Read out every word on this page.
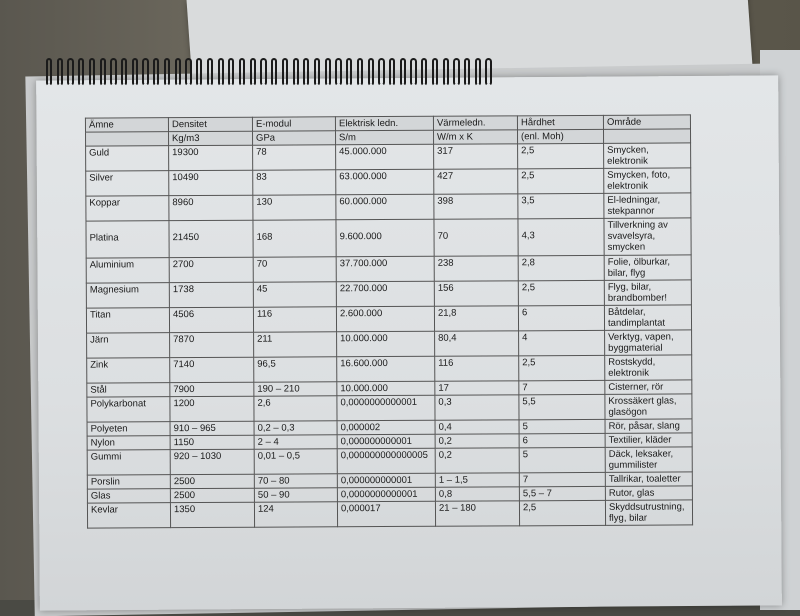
Ämne	Densitet	E-modul	Elektrisk ledn.	Värmeledn.	Hårdhet	Område
	Kg/m3	GPa	S/m	W/m x K	(enl. Moh)	

Guld	19300	78	45.000.000	317	2,5	Smycken, elektronik

Silver	10490	83	63.000.000	427	2,5	Smycken, foto, elektronik

Koppar	8960	130	60.000.000	398	3,5	El-ledningar, stekpannor

Platina	21450	168	9.600.000	70	4,3	Tillverkning av svavelsyra, smycken

Aluminium	2700	70	37.700.000	238	2,8	Folie, ölburkar, bilar, flyg

Magnesium	1738	45	22.700.000	156	2,5	Flyg, bilar, brandbomber!

Titan	4506	116	2.600.000	21,8	6	Båtdelar, tandimplantat

Järn	7870	211	10.000.000	80,4	4	Verktyg, vapen, byggmaterial

Zink	7140	96,5	16.600.000	116	2,5	Rostskydd, elektronik

Stål	7900	190 – 210	10.000.000	17	7	Cisterner, rör

Polykarbonat	1200	2,6	0,0000000000001	0,3	5,5	Krossäkert glas, glasögon

Polyeten	910 – 965	0,2 – 0,3	0,000002	0,4	5	Rör, påsar, slang

Nylon	1150	2 – 4	0,000000000001	0,2	6	Textilier, kläder

Gummi	920 – 1030	0,01 – 0,5	0,000000000000005	0,2	5	Däck, leksaker, gummilister

Porslin	2500	70 – 80	0,000000000001	1 – 1,5	7	Tallrikar, toaletter

Glas	2500	50 – 90	0,0000000000001	0,8	5,5 – 7	Rutor, glas

Kevlar	1350	124	0,000017	21 – 180	2,5	Skyddsutrustning, flyg, bilar
